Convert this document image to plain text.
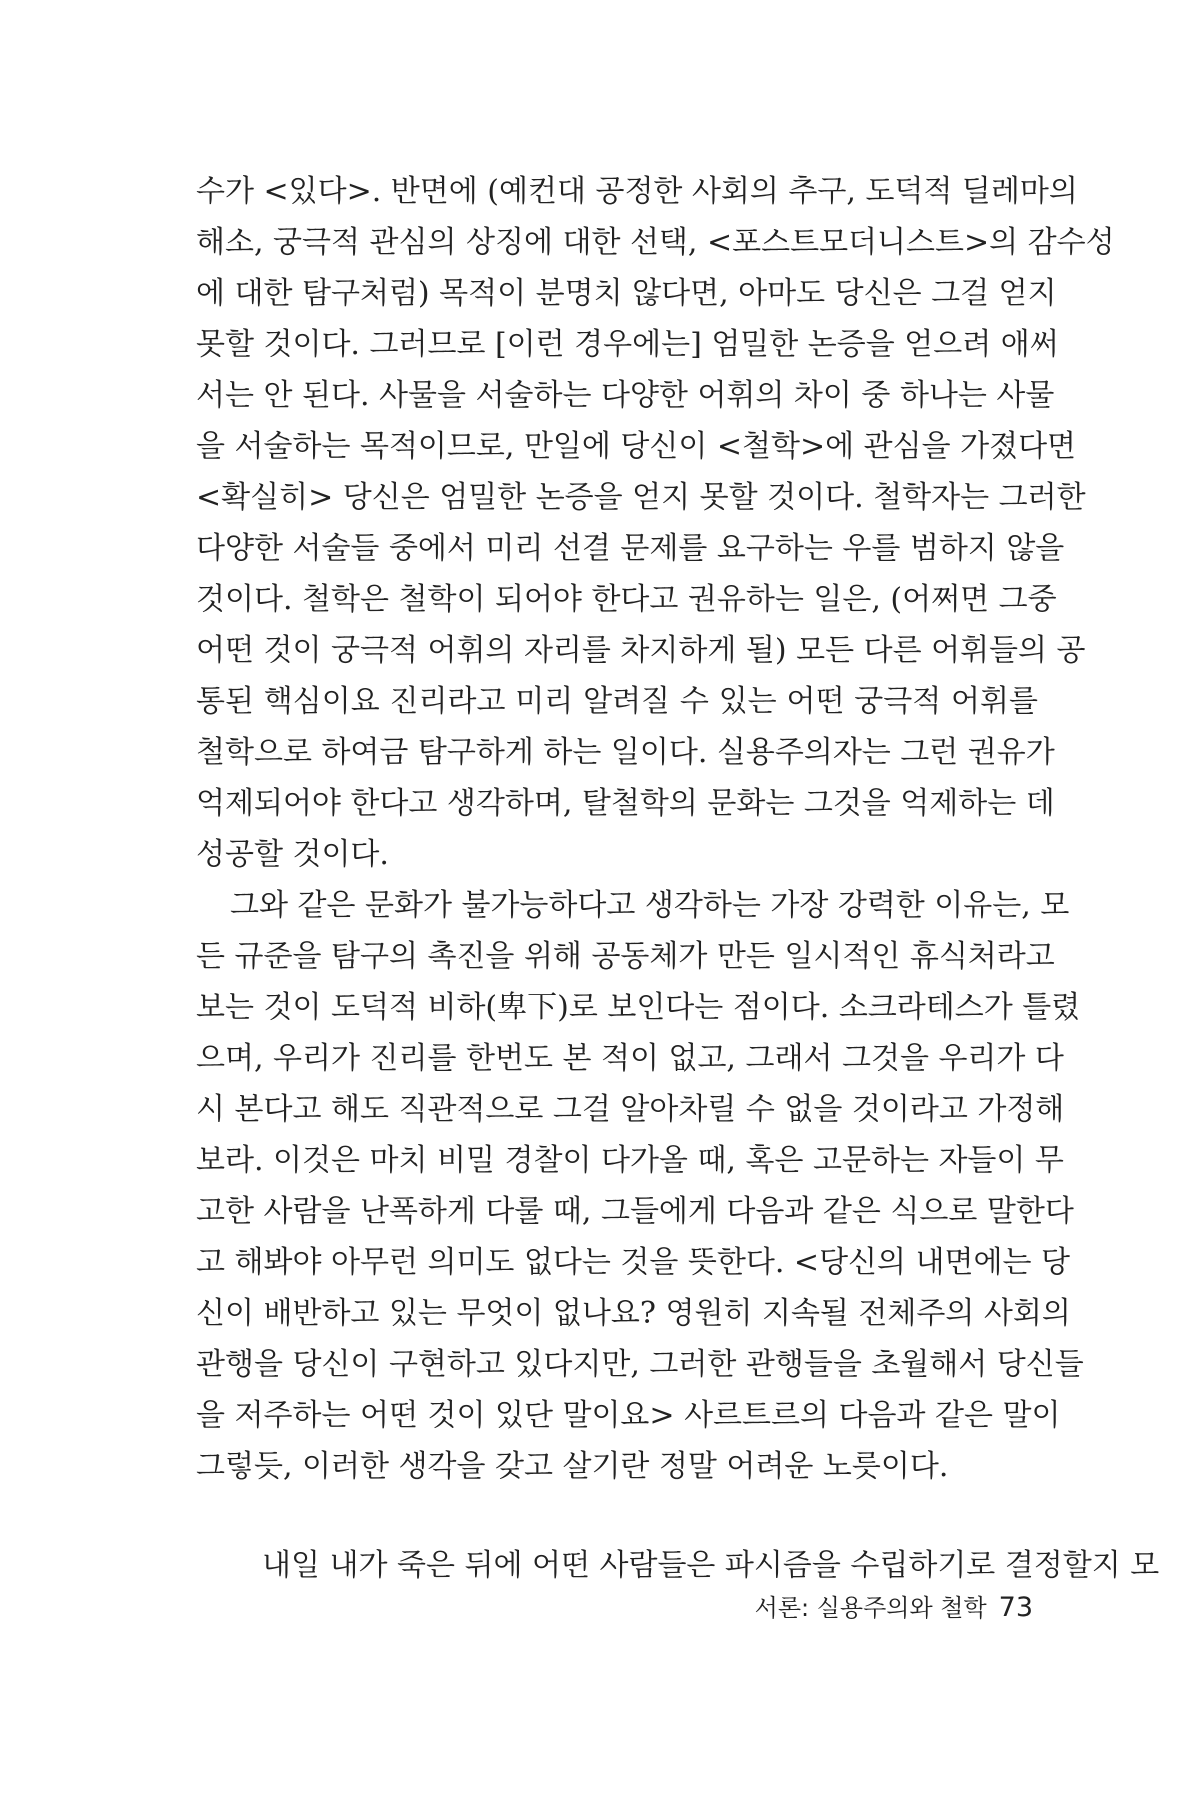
수가 <있다>. 반면에 (예컨대 공정한 사회의 추구, 도덕적 딜레마의
해소, 궁극적 관심의 상징에 대한 선택, <포스트모더니스트>의 감수성
에 대한 탐구처럼) 목적이 분명치 않다면, 아마도 당신은 그걸 얻지
못할 것이다. 그러므로 [이런 경우에는] 엄밀한 논증을 얻으려 애써
서는 안 된다. 사물을 서술하는 다양한 어휘의 차이 중 하나는 사물
을 서술하는 목적이므로, 만일에 당신이 <철학>에 관심을 가졌다면
<확실히> 당신은 엄밀한 논증을 얻지 못할 것이다. 철학자는 그러한
다양한 서술들 중에서 미리 선결 문제를 요구하는 우를 범하지 않을
것이다. 철학은 철학이 되어야 한다고 권유하는 일은, (어쩌면 그중
어떤 것이 궁극적 어휘의 자리를 차지하게 될) 모든 다른 어휘들의 공
통된 핵심이요 진리라고 미리 알려질 수 있는 어떤 궁극적 어휘를
철학으로 하여금 탐구하게 하는 일이다. 실용주의자는 그런 권유가
억제되어야 한다고 생각하며, 탈철학의 문화는 그것을 억제하는 데
성공할 것이다.
그와 같은 문화가 불가능하다고 생각하는 가장 강력한 이유는, 모
든 규준을 탐구의 촉진을 위해 공동체가 만든 일시적인 휴식처라고
보는 것이 도덕적 비하(卑下)로 보인다는 점이다. 소크라테스가 틀렸
으며, 우리가 진리를 한번도 본 적이 없고, 그래서 그것을 우리가 다
시 본다고 해도 직관적으로 그걸 알아차릴 수 없을 것이라고 가정해
보라. 이것은 마치 비밀 경찰이 다가올 때, 혹은 고문하는 자들이 무
고한 사람을 난폭하게 다룰 때, 그들에게 다음과 같은 식으로 말한다
고 해봐야 아무런 의미도 없다는 것을 뜻한다. <당신의 내면에는 당
신이 배반하고 있는 무엇이 없나요? 영원히 지속될 전체주의 사회의
관행을 당신이 구현하고 있다지만, 그러한 관행들을 초월해서 당신들
을 저주하는 어떤 것이 있단 말이요> 사르트르의 다음과 같은 말이
그렇듯, 이러한 생각을 갖고 살기란 정말 어려운 노릇이다.
내일 내가 죽은 뒤에 어떤 사람들은 파시즘을 수립하기로 결정할지 모
서론: 실용주의와 철학 73
